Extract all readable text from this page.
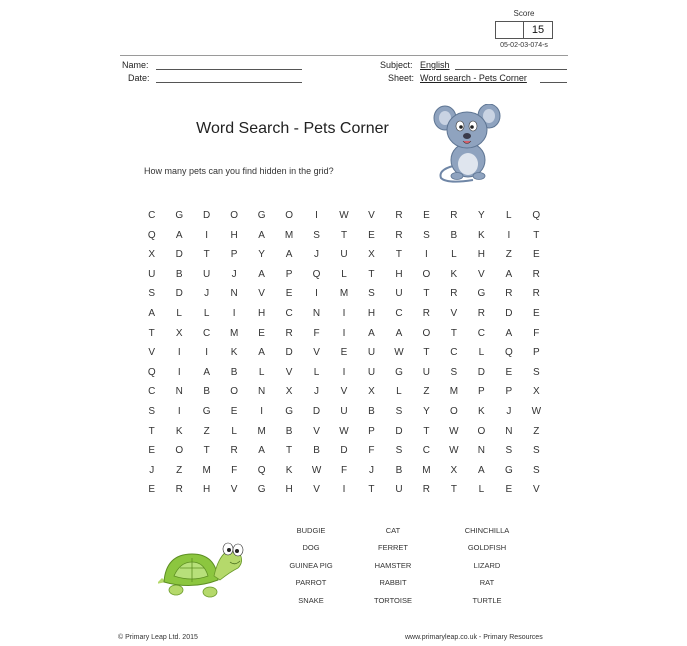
Score
15
05-02-03-074-s
Name:
Date:
Subject: English
Sheet: Word search - Pets Corner
Word Search - Pets Corner
How many pets can you find hidden in the grid?
C	G	D	O	G	O	I	W	V	R	E	R	Y	L	Q
Q	A	I	H	A	M	S	T	E	R	S	B	K	I	T
X	D	T	P	Y	A	J	U	X	T	I	L	H	Z	E
U	B	U	J	A	P	Q	L	T	H	O	K	V	A	R
S	D	J	N	V	E	I	M	S	U	T	R	G	R	R
A	L	L	I	H	C	N	I	H	C	R	V	R	D	E
T	X	C	M	E	R	F	I	A	A	O	T	C	A	F
V	I	I	K	A	D	V	E	U	W	T	C	L	Q	P
Q	I	A	B	L	V	L	I	U	G	U	S	D	E	S
C	N	B	O	N	X	J	V	X	L	Z	M	P	P	X
S	I	G	E	I	G	D	U	B	S	Y	O	K	J	W
T	K	Z	L	M	B	V	W	P	D	T	W	O	N	Z
E	O	T	R	A	T	B	D	F	S	C	W	N	S	S
J	Z	M	F	Q	K	W	F	J	B	M	X	A	G	S
E	R	H	V	G	H	V	I	T	U	R	T	L	E	V
BUDGIE	CAT	CHINCHILLA
DOG	FERRET	GOLDFISH
GUINEA PIG	HAMSTER	LIZARD
PARROT	RABBIT	RAT
SNAKE	TORTOISE	TURTLE
© Primary Leap Ltd. 2015	www.primaryleap.co.uk - Primary Resources
